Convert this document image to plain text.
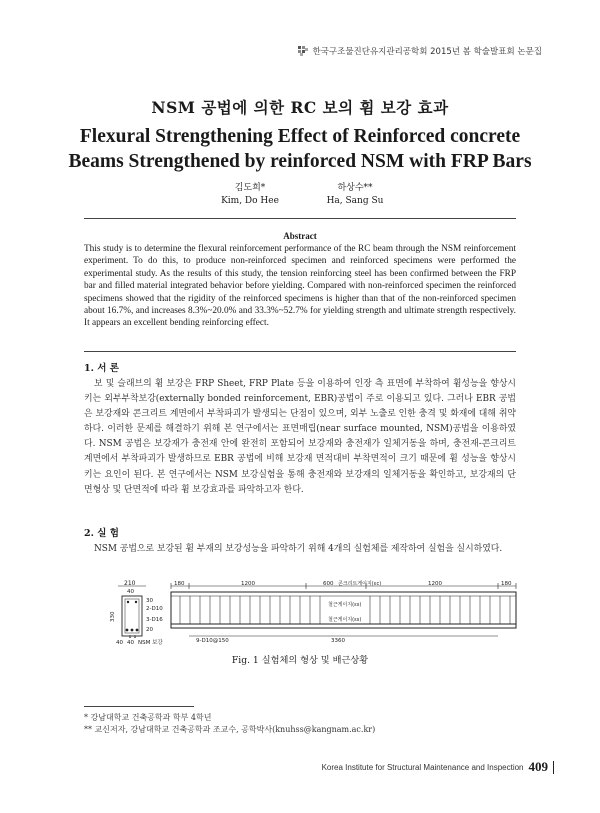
한국구조물진단유지관리공학회 2015년 봄 학술발표회 논문집
NSM 공법에 의한 RC 보의 휨 보강 효과
Flexural Strengthening Effect of Reinforced concrete Beams Strengthened by reinforced NSM with FRP Bars
김도희*
Kim, Do Hee
하상수**
Ha, Sang Su
Abstract
This study is to determine the flexural reinforcement performance of the RC beam through the NSM reinforcement experiment. To do this, to produce non-reinforced specimen and reinforced specimens were performed the experimental study. As the results of this study, the tension reinforcing steel has been confirmed between the FRP bar and filled material integrated behavior before yielding. Compared with non-reinforced specimen the reinforced specimens showed that the rigidity of the reinforced specimens is higher than that of the non-reinforced specimen about 16.7%, and increases 8.3%~20.0% and 33.3%~52.7% for yielding strength and ultimate strength respectively. It appears an excellent bending reinforcing effect.
1. 서 론
보 및 슬래브의 휨 보강은 FRP Sheet, FRP Plate 등을 이용하여 인장 측 표면에 부착하여 휨성능을 향상시키는 외부부착보강(externally bonded reinforcement, EBR)공법이 주로 이용되고 있다. 그러나 EBR 공법은 보강재와 콘크리트 계면에서 부착파괴가 발생되는 단점이 있으며, 외부 노출로 인한 충격 및 화재에 대해 취약하다. 이러한 문제를 해결하기 위해 본 연구에서는 표면매립(near surface mounted, NSM)공법을 이용하였다. NSM 공법은 보강재가 충전재 안에 완전히 포함되어 보강재와 충전재가 일체거동을 하며, 충전재-콘크리트 계면에서 부착파괴가 발생하므로 EBR 공법에 비해 보강재 면적대비 부착면적이 크기 때문에 휨 성능을 향상시키는 요인이 된다. 본 연구에서는 NSM 보강실험을 통해 충전재와 보강재의 일체거동을 확인하고, 보강재의 단면형상 및 단면적에 따라 휨 보강효과를 파악하고자 한다.
2. 실 험
NSM 공법으로 보강된 휨 부재의 보강성능을 파악하기 위해 4개의 실험체를 제작하여 실험을 실시하였다.
210
40
330
30
2-D10
3-D16
20
40 40 NSM 보강
180	1200	600 콘크리트게이지(εc)	1200	180
철근게이지(εs)
철근게이지(εs)
9-D10@150	3360
Fig. 1 실험체의 형상 및 배근상황
* 강남대학교 건축공학과 학부 4학년
** 교신저자, 강남대학교 건축공학과 조교수, 공학박사(knuhss@kangnam.ac.kr)
Korea Institute for Structural Maintenance and Inspection 409
